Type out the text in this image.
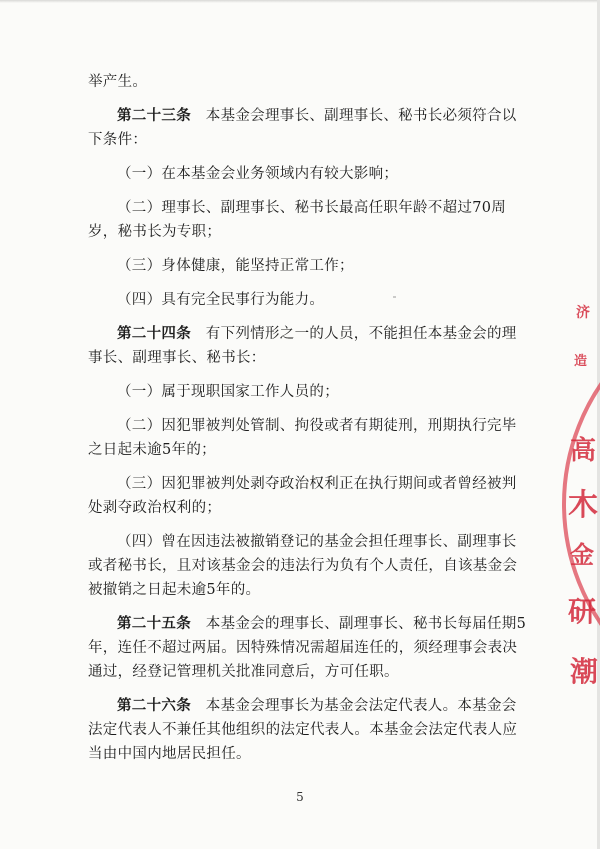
举产生。

第二十三条 本基金会理事长、副理事长、秘书长必须符合以下条件：

（一）在本基金会业务领域内有较大影响；

（二）理事长、副理事长、秘书长最高任职年龄不超过70周岁，秘书长为专职；

（三）身体健康，能坚持正常工作；

（四）具有完全民事行为能力。

第二十四条 有下列情形之一的人员，不能担任本基金会的理事长、副理事长、秘书长：

（一）属于现职国家工作人员的；

（二）因犯罪被判处管制、拘役或者有期徒刑，刑期执行完毕之日起未逾5年的；

（三）因犯罪被判处剥夺政治权利正在执行期间或者曾经被判处剥夺政治权利的；

（四）曾在因违法被撤销登记的基金会担任理事长、副理事长或者秘书长，且对该基金会的违法行为负有个人责任，自该基金会被撤销之日起未逾5年的。

第二十五条 本基金会的理事长、副理事长、秘书长每届任期5年，连任不超过两届。因特殊情况需超届连任的，须经理事会表决通过，经登记管理机关批准同意后，方可任职。

第二十六条 本基金会理事长为基金会法定代表人。本基金会法定代表人不兼任其他组织的法定代表人。本基金会法定代表人应当由中国内地居民担任。

5
济
造
高
木
金
研
潮
